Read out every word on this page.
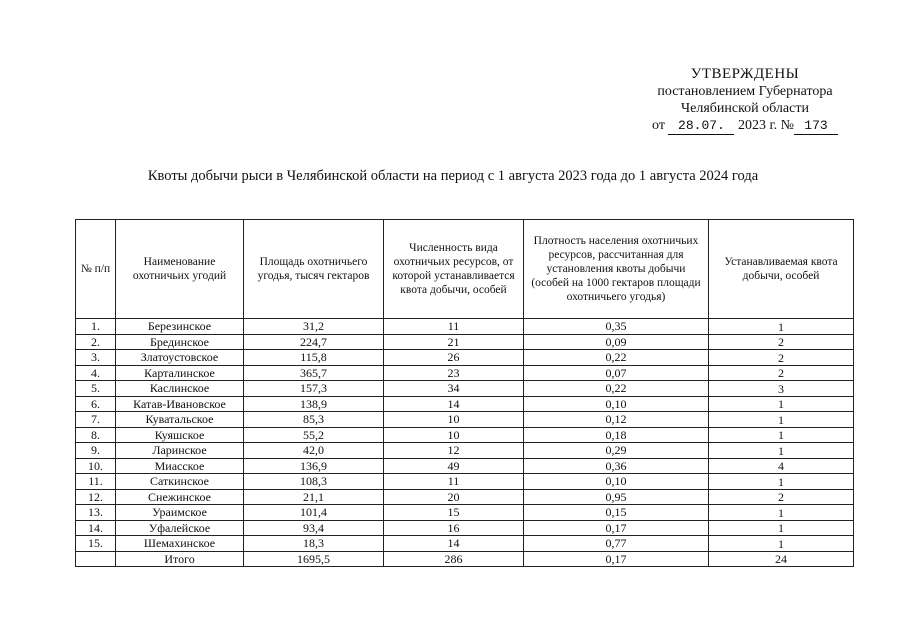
УТВЕРЖДЕНЫ
постановлением Губернатора
Челябинской области
от 28.07. 2023 г. № 173
Квоты добычи рыси в Челябинской области на период с 1 августа 2023 года до 1 августа 2024 года
№ п/п	Наименование охотничьих угодий	Площадь охотничьего угодья, тысяч гектаров	Численность вида охотничьих ресурсов, от которой устанавливается квота добычи, особей	Плотность населения охотничьих ресурсов, рассчитанная для установления квоты добычи (особей на 1000 гектаров площади охотничьего угодья)	Устанавливаемая квота добычи, особей
1.	Березинское	31,2	11	0,35	1
2.	Брединское	224,7	21	0,09	2
3.	Златоустовское	115,8	26	0,22	2
4.	Карталинское	365,7	23	0,07	2
5.	Каслинское	157,3	34	0,22	3
6.	Катав-Ивановское	138,9	14	0,10	1
7.	Куватальское	85,3	10	0,12	1
8.	Куяшское	55,2	10	0,18	1
9.	Ларинское	42,0	12	0,29	1
10.	Миасское	136,9	49	0,36	4
11.	Саткинское	108,3	11	0,10	1
12.	Снежинское	21,1	20	0,95	2
13.	Ураимское	101,4	15	0,15	1
14.	Уфалейское	93,4	16	0,17	1
15.	Шемахинское	18,3	14	0,77	1
	Итого	1695,5	286	0,17	24
